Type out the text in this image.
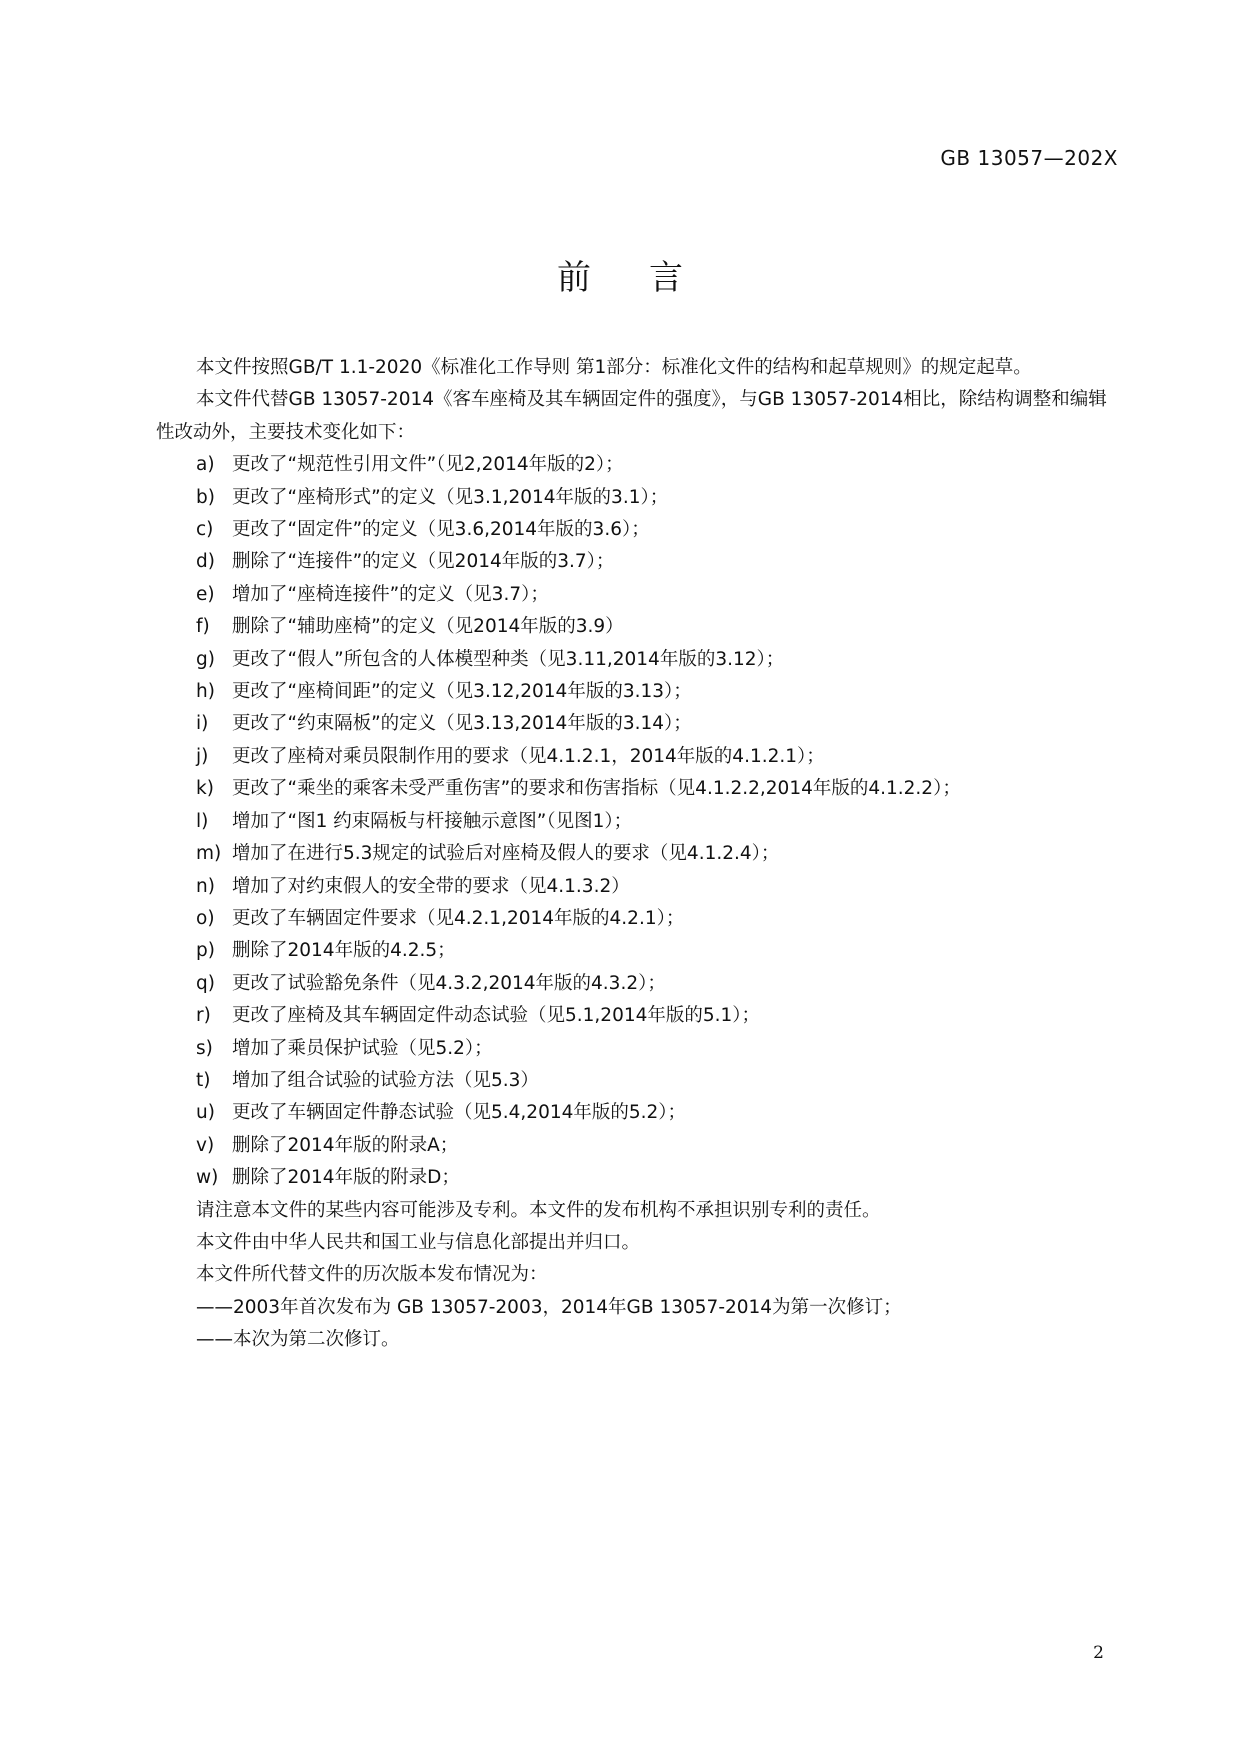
GB 13057—202X
前言

本文件按照GB/T 1.1-2020《标准化工作导则 第1部分：标准化文件的结构和起草规则》的规定起草。

本文件代替GB 13057-2014《客车座椅及其车辆固定件的强度》，与GB 13057-2014相比，除结构调整和编辑性改动外，主要技术变化如下：

a) 更改了“规范性引用文件”（见2,2014年版的2）；

b) 更改了“座椅形式”的定义（见3.1,2014年版的3.1）；

c) 更改了“固定件”的定义（见3.6,2014年版的3.6）；

d) 删除了“连接件”的定义（见2014年版的3.7）；

e) 增加了“座椅连接件”的定义（见3.7）；

f) 删除了“辅助座椅”的定义（见2014年版的3.9）

g) 更改了“假人”所包含的人体模型种类（见3.11,2014年版的3.12）；

h) 更改了“座椅间距”的定义（见3.12,2014年版的3.13）；

i) 更改了“约束隔板”的定义（见3.13,2014年版的3.14）；

j) 更改了座椅对乘员限制作用的要求（见4.1.2.1，2014年版的4.1.2.1）；

k) 更改了“乘坐的乘客未受严重伤害”的要求和伤害指标（见4.1.2.2,2014年版的4.1.2.2）；

l) 增加了“图1 约束隔板与杆接触示意图”（见图1）；

m) 增加了在进行5.3规定的试验后对座椅及假人的要求（见4.1.2.4）；

n) 增加了对约束假人的安全带的要求（见4.1.3.2）

o) 更改了车辆固定件要求（见4.2.1,2014年版的4.2.1）；

p) 删除了2014年版的4.2.5；

q) 更改了试验豁免条件（见4.3.2,2014年版的4.3.2）；

r) 更改了座椅及其车辆固定件动态试验（见5.1,2014年版的5.1）；

s) 增加了乘员保护试验（见5.2）；

t) 增加了组合试验的试验方法（见5.3）

u) 更改了车辆固定件静态试验（见5.4,2014年版的5.2）；

v) 删除了2014年版的附录A；

w) 删除了2014年版的附录D；

请注意本文件的某些内容可能涉及专利。本文件的发布机构不承担识别专利的责任。

本文件由中华人民共和国工业与信息化部提出并归口。

本文件所代替文件的历次版本发布情况为：

——2003年首次发布为 GB 13057-2003，2014年GB 13057-2014为第一次修订；

——本次为第二次修订。

2
